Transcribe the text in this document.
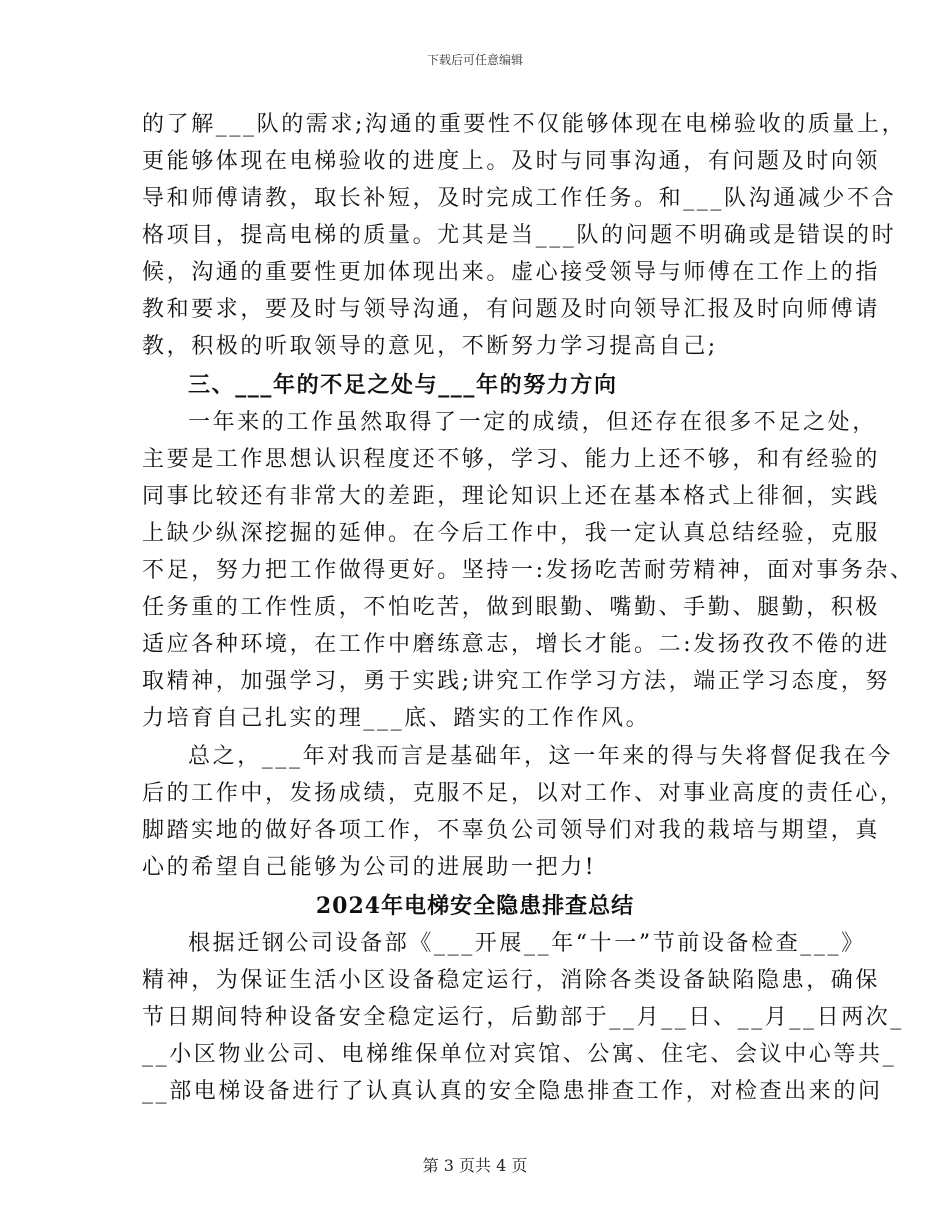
下载后可任意编辑
的了解___队的需求;沟通的重要性不仅能够体现在电梯验收的质量上，
更能够体现在电梯验收的进度上。及时与同事沟通，有问题及时向领
导和师傅请教，取长补短，及时完成工作任务。和___队沟通减少不合
格项目，提高电梯的质量。尤其是当___队的问题不明确或是错误的时
候，沟通的重要性更加体现出来。虚心接受领导与师傅在工作上的指
教和要求，要及时与领导沟通，有问题及时向领导汇报及时向师傅请
教，积极的听取领导的意见，不断努力学习提高自己;
三、___年的不足之处与___年的努力方向
一年来的工作虽然取得了一定的成绩，但还存在很多不足之处，
主要是工作思想认识程度还不够，学习、能力上还不够，和有经验的
同事比较还有非常大的差距，理论知识上还在基本格式上徘徊，实践
上缺少纵深挖掘的延伸。在今后工作中，我一定认真总结经验，克服
不足，努力把工作做得更好。坚持一:发扬吃苦耐劳精神，面对事务杂、
任务重的工作性质，不怕吃苦，做到眼勤、嘴勤、手勤、腿勤，积极
适应各种环境，在工作中磨练意志，增长才能。二:发扬孜孜不倦的进
取精神，加强学习，勇于实践;讲究工作学习方法，端正学习态度，努
力培育自己扎实的理___底、踏实的工作作风。
总之，___年对我而言是基础年，这一年来的得与失将督促我在今
后的工作中，发扬成绩，克服不足，以对工作、对事业高度的责任心，
脚踏实地的做好各项工作，不辜负公司领导们对我的栽培与期望，真
心的希望自己能够为公司的进展助一把力!
2024年电梯安全隐患排查总结
根据迁钢公司设备部《___开展__年“十一”节前设备检查___》
精神，为保证生活小区设备稳定运行，消除各类设备缺陷隐患，确保
节日期间特种设备安全稳定运行，后勤部于__月__日、__月__日两次_
__小区物业公司、电梯维保单位对宾馆、公寓、住宅、会议中心等共_
__部电梯设备进行了认真认真的安全隐患排查工作，对检查出来的问
第 3 页共 4 页
